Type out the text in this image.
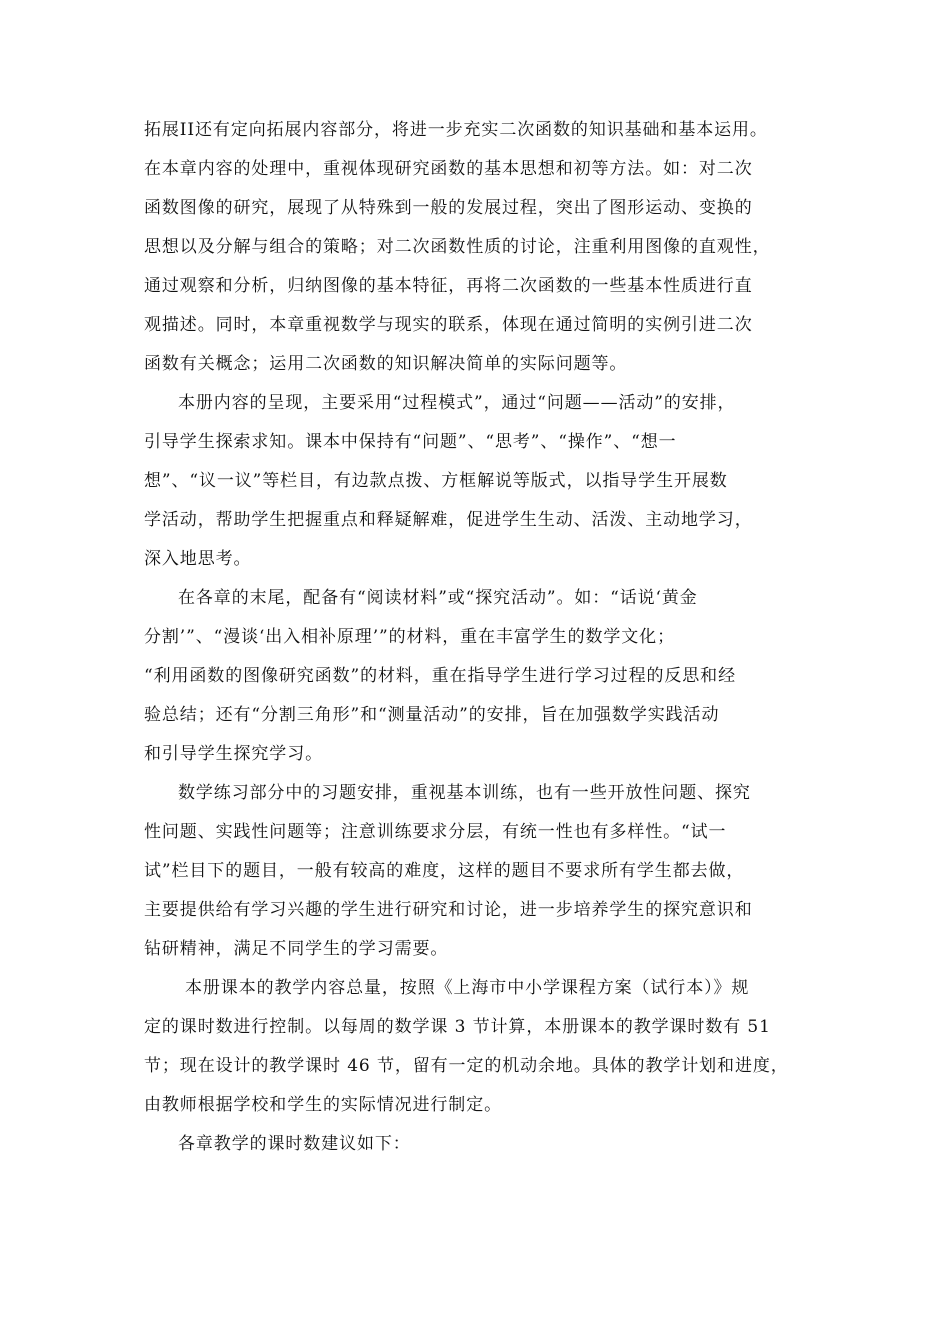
拓展II还有定向拓展内容部分，将进一步充实二次函数的知识基础和基本运用。
在本章内容的处理中，重视体现研究函数的基本思想和初等方法。如：对二次
函数图像的研究，展现了从特殊到一般的发展过程，突出了图形运动、变换的
思想以及分解与组合的策略；对二次函数性质的讨论，注重利用图像的直观性，
通过观察和分析，归纳图像的基本特征，再将二次函数的一些基本性质进行直
观描述。同时，本章重视数学与现实的联系，体现在通过简明的实例引进二次
函数有关概念；运用二次函数的知识解决简单的实际问题等。
本册内容的呈现，主要采用“过程模式”，通过“问题——活动”的安排，
引导学生探索求知。课本中保持有“问题”、“思考”、“操作”、“想一
想”、“议一议”等栏目，有边款点拨、方框解说等版式，以指导学生开展数
学活动，帮助学生把握重点和释疑解难，促进学生生动、活泼、主动地学习，
深入地思考。
在各章的末尾，配备有“阅读材料”或“探究活动”。如：“话说‘黄金
分割’”、“漫谈‘出入相补原理’”的材料，重在丰富学生的数学文化；
“利用函数的图像研究函数”的材料，重在指导学生进行学习过程的反思和经
验总结；还有“分割三角形”和“测量活动”的安排，旨在加强数学实践活动
和引导学生探究学习。
数学练习部分中的习题安排，重视基本训练，也有一些开放性问题、探究
性问题、实践性问题等；注意训练要求分层，有统一性也有多样性。“试一
试”栏目下的题目，一般有较高的难度，这样的题目不要求所有学生都去做，
主要提供给有学习兴趣的学生进行研究和讨论，进一步培养学生的探究意识和
钻研精神，满足不同学生的学习需要。
本册课本的教学内容总量，按照《上海市中小学课程方案（试行本）》规
定的课时数进行控制。以每周的数学课 3 节计算，本册课本的教学课时数有 51
节；现在设计的教学课时 46 节，留有一定的机动余地。具体的教学计划和进度，
由教师根据学校和学生的实际情况进行制定。
各章教学的课时数建议如下：
